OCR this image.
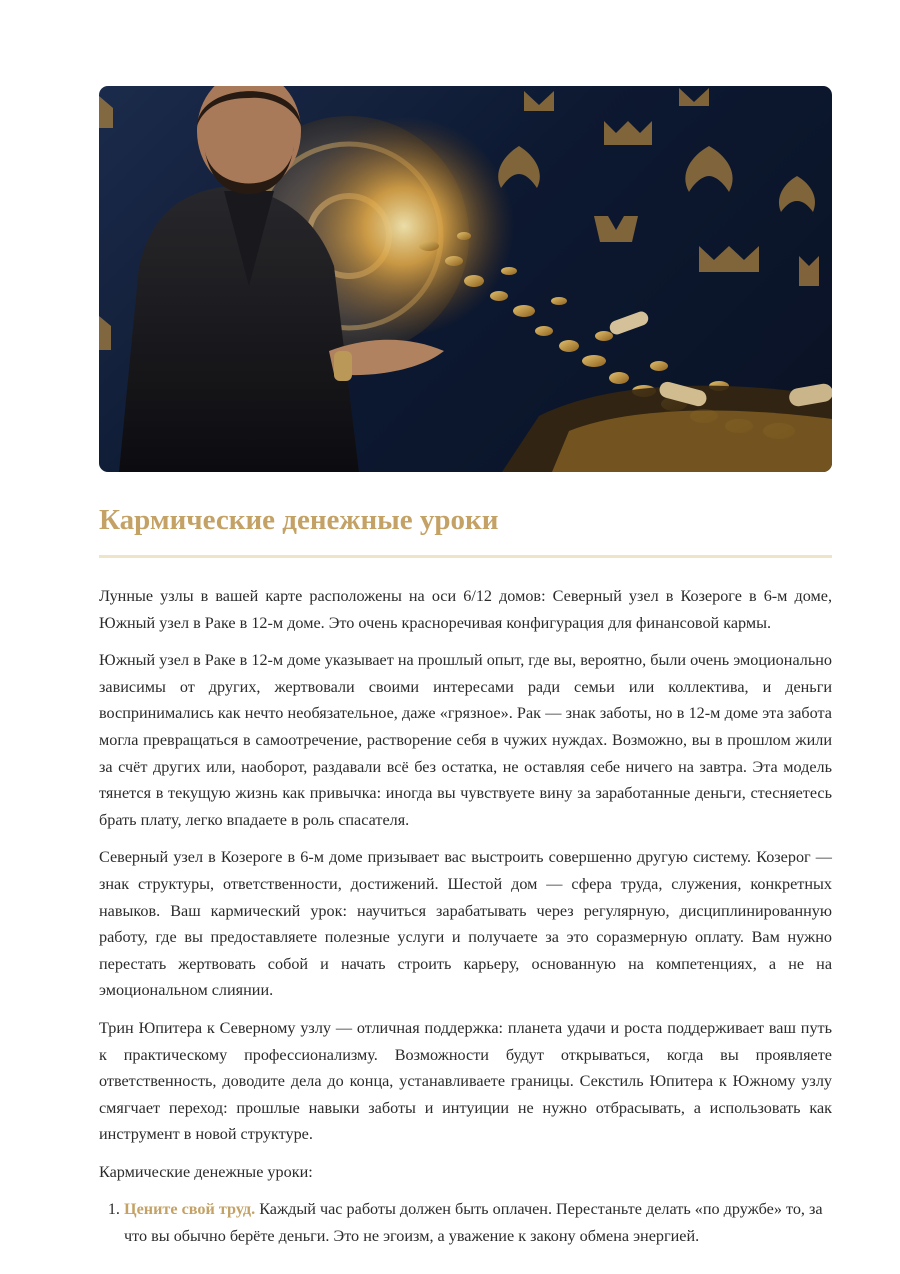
Кармические денежные уроки

Лунные узлы в вашей карте расположены на оси 6/12 домов: Северный узел в Козероге в 6-м доме, Южный узел в Раке в 12-м доме. Это очень красноречивая конфигурация для финансовой кармы.

Южный узел в Раке в 12-м доме указывает на прошлый опыт, где вы, вероятно, были очень эмоционально зависимы от других, жертвовали своими интересами ради семьи или коллектива, и деньги воспринимались как нечто необязательное, даже «грязное». Рак — знак заботы, но в 12-м доме эта забота могла превращаться в самоотречение, растворение себя в чужих нуждах. Возможно, вы в прошлом жили за счёт других или, наоборот, раздавали всё без остатка, не оставляя себе ничего на завтра. Эта модель тянется в текущую жизнь как привычка: иногда вы чувствуете вину за заработанные деньги, стесняетесь брать плату, легко впадаете в роль спасателя.

Северный узел в Козероге в 6-м доме призывает вас выстроить совершенно другую систему. Козерог — знак структуры, ответственности, достижений. Шестой дом — сфера труда, служения, конкретных навыков. Ваш кармический урок: научиться зарабатывать через регулярную, дисциплинированную работу, где вы предоставляете полезные услуги и получаете за это соразмерную оплату. Вам нужно перестать жертвовать собой и начать строить карьеру, основанную на компетенциях, а не на эмоциональном слиянии.

Трин Юпитера к Северному узлу — отличная поддержка: планета удачи и роста поддерживает ваш путь к практическому профессионализму. Возможности будут открываться, когда вы проявляете ответственность, доводите дела до конца, устанавливаете границы. Секстиль Юпитера к Южному узлу смягчает переход: прошлые навыки заботы и интуиции не нужно отбрасывать, а использовать как инструмент в новой структуре.

Кармические денежные уроки:

1. Цените свой труд. Каждый час работы должен быть оплачен. Перестаньте делать «по дружбе» то, за что вы обычно берёте деньги. Это не эгоизм, а уважение к закону обмена энергией.
